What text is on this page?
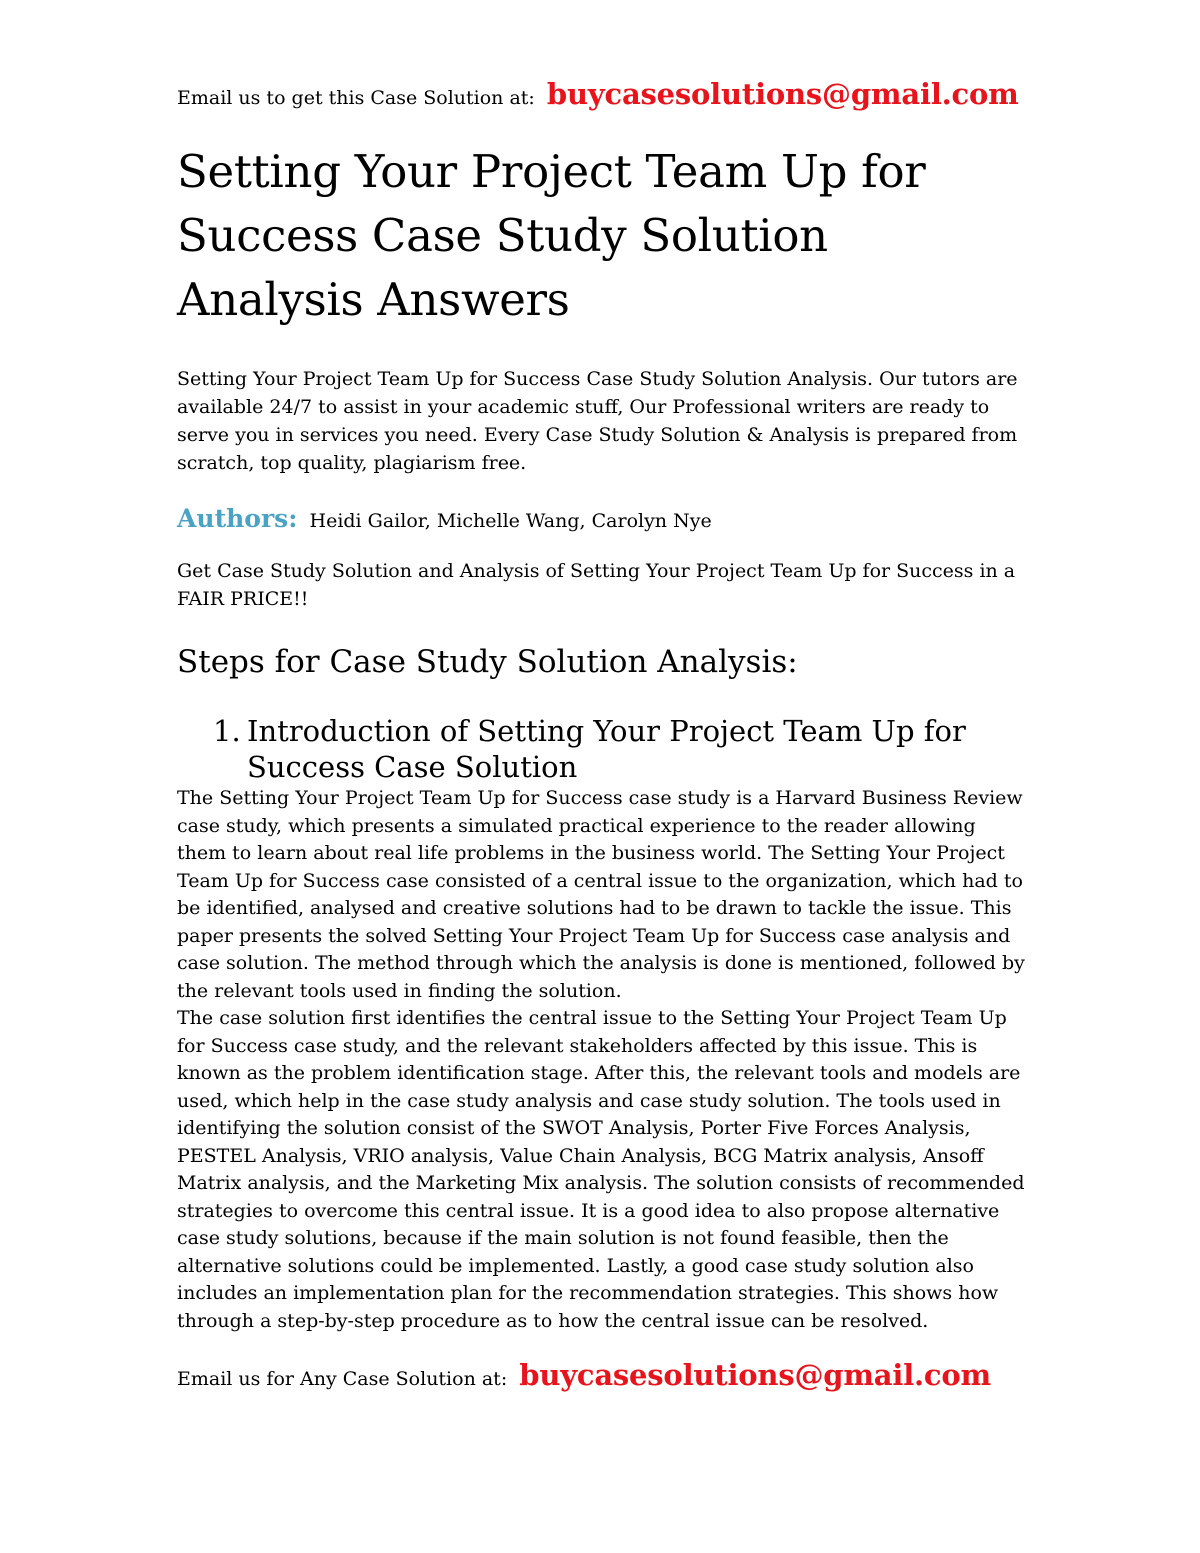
Email us to get this Case Solution at: buycasesolutions@gmail.com
Setting Your Project Team Up for Success Case Study Solution Analysis Answers

Setting Your Project Team Up for Success Case Study Solution Analysis. Our tutors are available 24/7 to assist in your academic stuff, Our Professional writers are ready to serve you in services you need. Every Case Study Solution & Analysis is prepared from scratch, top quality, plagiarism free.

Authors: Heidi Gailor, Michelle Wang, Carolyn Nye

Get Case Study Solution and Analysis of Setting Your Project Team Up for Success in a FAIR PRICE!!

Steps for Case Study Solution Analysis:
1. Introduction of Setting Your Project Team Up for Success Case Solution

The Setting Your Project Team Up for Success case study is a Harvard Business Review case study, which presents a simulated practical experience to the reader allowing them to learn about real life problems in the business world. The Setting Your Project Team Up for Success case consisted of a central issue to the organization, which had to be identified, analysed and creative solutions had to be drawn to tackle the issue. This paper presents the solved Setting Your Project Team Up for Success case analysis and case solution. The method through which the analysis is done is mentioned, followed by the relevant tools used in finding the solution.

The case solution first identifies the central issue to the Setting Your Project Team Up for Success case study, and the relevant stakeholders affected by this issue. This is known as the problem identification stage. After this, the relevant tools and models are used, which help in the case study analysis and case study solution. The tools used in identifying the solution consist of the SWOT Analysis, Porter Five Forces Analysis, PESTEL Analysis, VRIO analysis, Value Chain Analysis, BCG Matrix analysis, Ansoff Matrix analysis, and the Marketing Mix analysis. The solution consists of recommended strategies to overcome this central issue. It is a good idea to also propose alternative case study solutions, because if the main solution is not found feasible, then the alternative solutions could be implemented. Lastly, a good case study solution also includes an implementation plan for the recommendation strategies. This shows how through a step-by-step procedure as to how the central issue can be resolved.

Email us for Any Case Solution at: buycasesolutions@gmail.com
